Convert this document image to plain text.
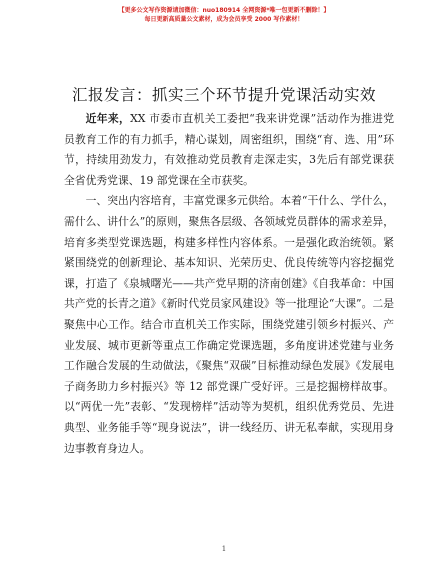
【更多公文写作资源请加微信：nuo180914 全网资源*唯一包更新不删除！】
每日更新高质量公文素材，成为会员享受 2000 写作素材！
汇报发言：抓实三个环节提升党课活动实效

近年来，XX 市委市直机关工委把“我来讲党课”活动作为推进党员教育工作的有力抓手，精心谋划，周密组织，围绕“育、选、用”环节，持续用劲发力，有效推动党员教育走深走实，3先后有部党课获全省优秀党课、19 部党课在全市获奖。

一、突出内容培育，丰富党课多元供给。本着“干什么、学什么，需什么、讲什么”的原则，聚焦各层级、各领域党员群体的需求差异，培育多类型党课选题，构建多样性内容体系。一是强化政治统领。紧紧围绕党的创新理论、基本知识、光荣历史、优良传统等内容挖掘党课，打造了《泉城曙光——共产党早期的济南创建》《自我革命：中国共产党的长青之道》《新时代党员家风建设》等一批理论“大课”。二是聚焦中心工作。结合市直机关工作实际，围绕党建引领乡村振兴、产业发展、城市更新等重点工作确定党课选题，多角度讲述党建与业务工作融合发展的生动做法，《聚焦“双碳”目标推动绿色发展》《发展电子商务助力乡村振兴》等 12 部党课广受好评。三是挖掘榜样故事。以“两优一先”表彰、“发现榜样”活动等为契机，组织优秀党员、先进典型、业务能手等“现身说法”，讲一线经历、讲无私奉献，实现用身边事教育身边人。

1
